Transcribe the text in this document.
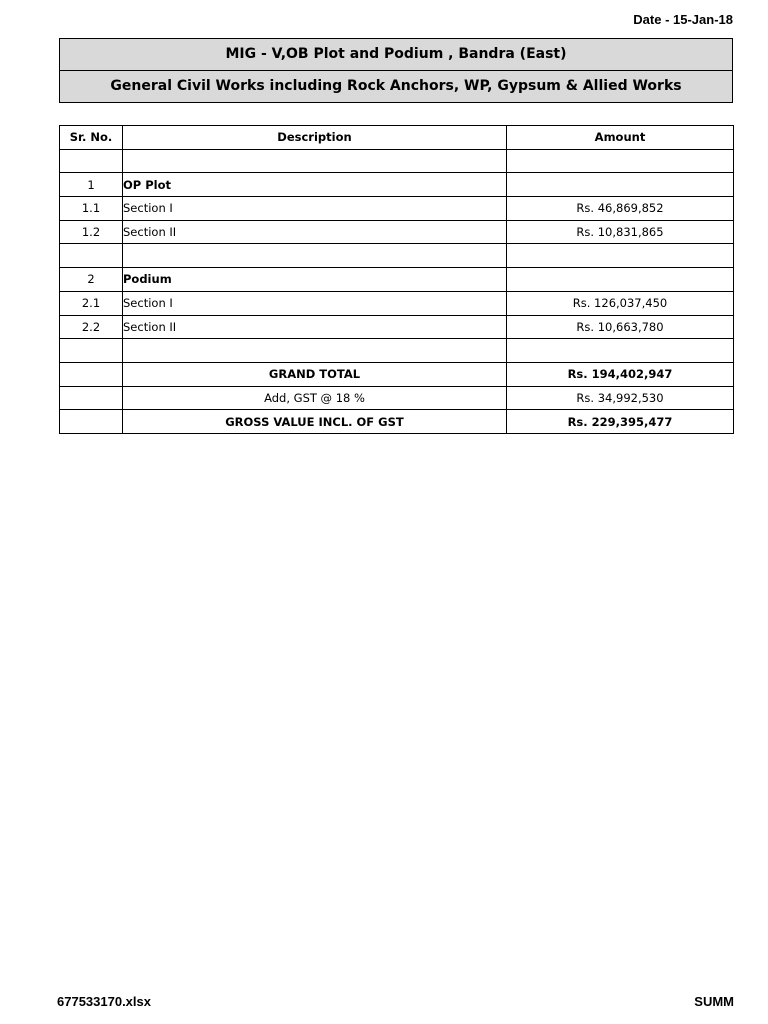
Date - 15-Jan-18
MIG - V,OB Plot and Podium , Bandra (East)
General Civil Works including Rock Anchors, WP, Gypsum & Allied Works
Sr. No.	Description	Amount

1	OP Plot	
1.1	Section I	Rs. 46,869,852
1.2	Section II	Rs. 10,831,865

2	Podium	
2.1	Section I	Rs. 126,037,450
2.2	Section II	Rs. 10,663,780

	GRAND TOTAL	Rs. 194,402,947
	Add, GST @ 18 %	Rs. 34,992,530
	GROSS VALUE INCL. OF GST	Rs. 229,395,477
677533170.xlsx	SUMM
